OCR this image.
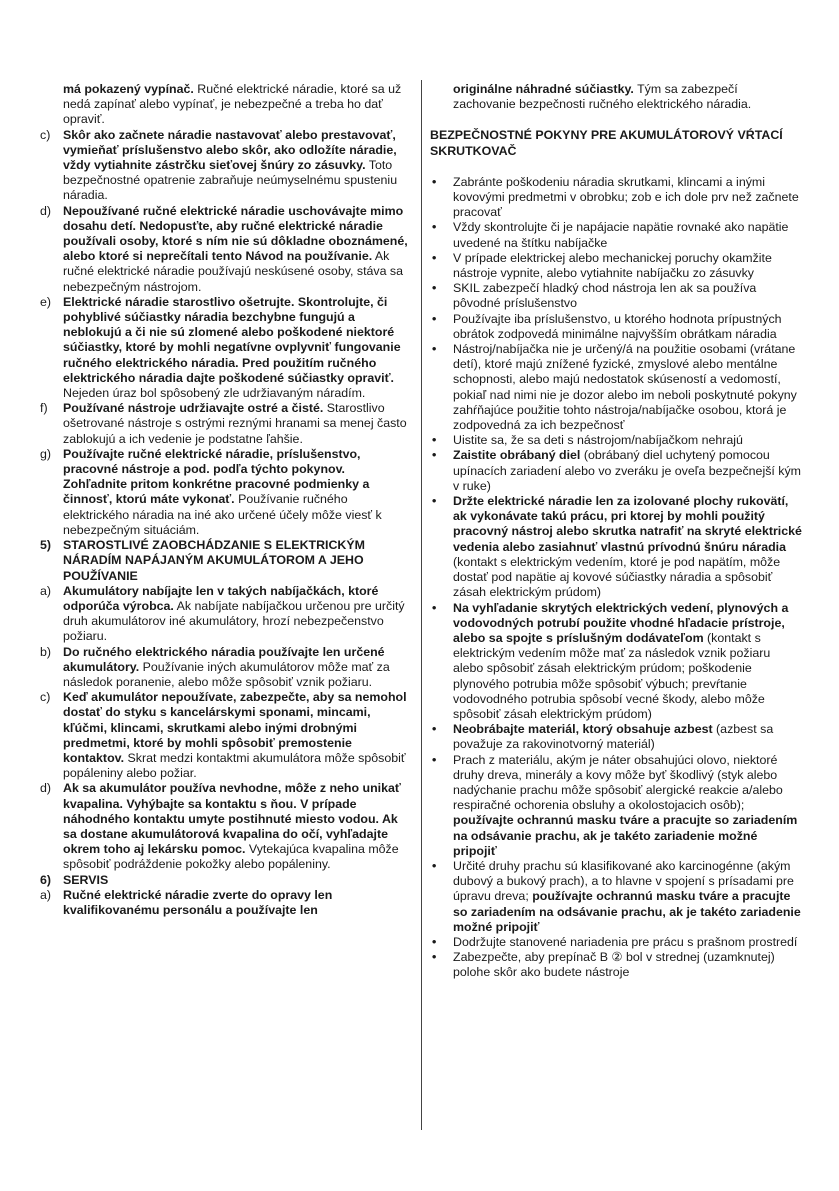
má pokazený vypínač. Ručné elektrické náradie, ktoré sa už nedá zapínať alebo vypínať, je nebezpečné a treba ho dať opraviť.

c) Skôr ako začnete náradie nastavovať alebo prestavovať, vymieňať príslušenstvo alebo skôr, ako odložíte náradie, vždy vytiahnite zástrčku sieťovej šnúry zo zásuvky. Toto bezpečnostné opatrenie zabraňuje neúmyselnému spusteniu náradia.

d) Nepoužívané ručné elektrické náradie uschovávajte mimo dosahu detí. Nedopusťte, aby ručné elektrické náradie používali osoby, ktoré s ním nie sú dôkladne oboznámené, alebo ktoré si neprečítali tento Návod na používanie. Ak ručné elektrické náradie používajú neskúsené osoby, stáva sa nebezpečným nástrojom.

e) Elektrické náradie starostlivo ošetrujte. Skontrolujte, či pohyblivé súčiastky náradia bezchybne fungujú a neblokujú a či nie sú zlomené alebo poškodené niektoré súčiastky, ktoré by mohli negatívne ovplyvniť fungovanie ručného elektrického náradia. Pred použitím ručného elektrického náradia dajte poškodené súčiastky opraviť. Nejeden úraz bol spôsobený zle udržiavaným náradím.

f) Používané nástroje udržiavajte ostré a čisté. Starostlivo ošetrované nástroje s ostrými reznými hranami sa menej často zablokujú a ich vedenie je podstatne ľahšie.

g) Používajte ručné elektrické náradie, príslušenstvo, pracovné nástroje a pod. podľa týchto pokynov. Zohľadnite pritom konkrétne pracovné podmienky a činnosť, ktorú máte vykonať. Používanie ručného elektrického náradia na iné ako určené účely môže viesť k nebezpečným situáciám.

5) STAROSTLIVÉ ZAOBCHÁDZANIE S ELEKTRICKÝM NÁRADÍM NAPÁJANÝM AKUMULÁTOROM A JEHO POUŽÍVANIE

a) Akumulátory nabíjajte len v takých nabíjačkách, ktoré odporúča výrobca. Ak nabíjate nabíjačkou určenou pre určitý druh akumulátorov iné akumulátory, hrozí nebezpečenstvo požiaru.

b) Do ručného elektrického náradia používajte len určené akumulátory. Používanie iných akumulátorov môže mať za následok poranenie, alebo môže spôsobiť vznik požiaru.

c) Keď akumulátor nepoužívate, zabezpečte, aby sa nemohol dostať do styku s kancelárskymi sponami, mincami, kľúčmi, klincami, skrutkami alebo inými drobnými predmetmi, ktoré by mohli spôsobiť premostenie kontaktov. Skrat medzi kontaktmi akumulátora môže spôsobiť popáleniny alebo požiar.

d) Ak sa akumulátor používa nevhodne, môže z neho unikať kvapalina. Vyhýbajte sa kontaktu s ňou. V prípade náhodného kontaktu umyte postihnuté miesto vodou. Ak sa dostane akumulátorová kvapalina do očí, vyhľadajte okrem toho aj lekársku pomoc. Vytekajúca kvapalina môže spôsobiť podráždenie pokožky alebo popáleniny.

6) SERVIS

a) Ručné elektrické náradie zverte do opravy len kvalifikovanému personálu a používajte len

originálne náhradné súčiastky. Tým sa zabezpečí zachovanie bezpečnosti ručného elektrického náradia.

BEZPEČNOSTNÉ POKYNY PRE AKUMULÁTOROVÝ VŔTACÍ SKRUTKOVAČ

• Zabránte poškodeniu náradia skrutkami, klincami a inými kovovými predmetmi v obrobku; zob e ich dole prv než začnete pracovať

• Vždy skontrolujte či je napájacie napätie rovnaké ako napätie uvedené na štítku nabíjačke

• V prípade elektrickej alebo mechanickej poruchy okamžite nástroje vypnite, alebo vytiahnite nabíjačku zo zásuvky

• SKIL zabezpečí hladký chod nástroja len ak sa používa pôvodné príslušenstvo

• Používajte iba príslušenstvo, u ktorého hodnota prípustných obrátok zodpovedá minimálne najvyšším obrátkam náradia

• Nástroj/nabíjačka nie je určený/á na použitie osobami (vrátane detí), ktoré majú znížené fyzické, zmyslové alebo mentálne schopnosti, alebo majú nedostatok skúseností a vedomostí, pokiaľ nad nimi nie je dozor alebo im neboli poskytnuté pokyny zahŕňajúce použitie tohto nástroja/nabíjačke osobou, ktorá je zodpovedná za ich bezpečnosť

• Uistite sa, že sa deti s nástrojom/nabíjačkom nehrajú

• Zaistite obrábaný diel (obrábaný diel uchytený pomocou upínacích zariadení alebo vo zveráku je oveľa bezpečnejší kým v ruke)

• Držte elektrické náradie len za izolované plochy rukovätí, ak vykonávate takú prácu, pri ktorej by mohli použitý pracovný nástroj alebo skrutka natrafiť na skryté elektrické vedenia alebo zasiahnuť vlastnú prívodnú šnúru náradia (kontakt s elektrickým vedením, ktoré je pod napätím, môže dostať pod napätie aj kovové súčiastky náradia a spôsobiť zásah elektrickým prúdom)

• Na vyhľadanie skrytých elektrických vedení, plynových a vodovodných potrubí použite vhodné hľadacie prístroje, alebo sa spojte s príslušným dodávateľom (kontakt s elektrickým vedením môže mať za následok vznik požiaru alebo spôsobiť zásah elektrickým prúdom; poškodenie plynového potrubia môže spôsobiť výbuch; prevŕtanie vodovodného potrubia spôsobí vecné škody, alebo môže spôsobiť zásah elektrickým prúdom)

• Neobrábajte materiál, ktorý obsahuje azbest (azbest sa považuje za rakovinotvorný materiál)

• Prach z materiálu, akým je náter obsahujúci olovo, niektoré druhy dreva, minerály a kovy môže byť škodlivý (styk alebo nadýchanie prachu môže spôsobiť alergické reakcie a/alebo respiračné ochorenia obsluhy a okolostojacich osôb); používajte ochrannú masku tváre a pracujte so zariadením na odsávanie prachu, ak je takéto zariadenie možné pripojiť

• Určité druhy prachu sú klasifikované ako karcinogénne (akým dubový a bukový prach), a to hlavne v spojení s prísadami pre úpravu dreva; používajte ochrannú masku tváre a pracujte so zariadením na odsávanie prachu, ak je takéto zariadenie možné pripojiť

• Dodržujte stanovené nariadenia pre prácu s prašnom prostredí

• Zabezpečte, aby prepínač B ② bol v strednej (uzamknutej) polohe skôr ako budete nástroje
